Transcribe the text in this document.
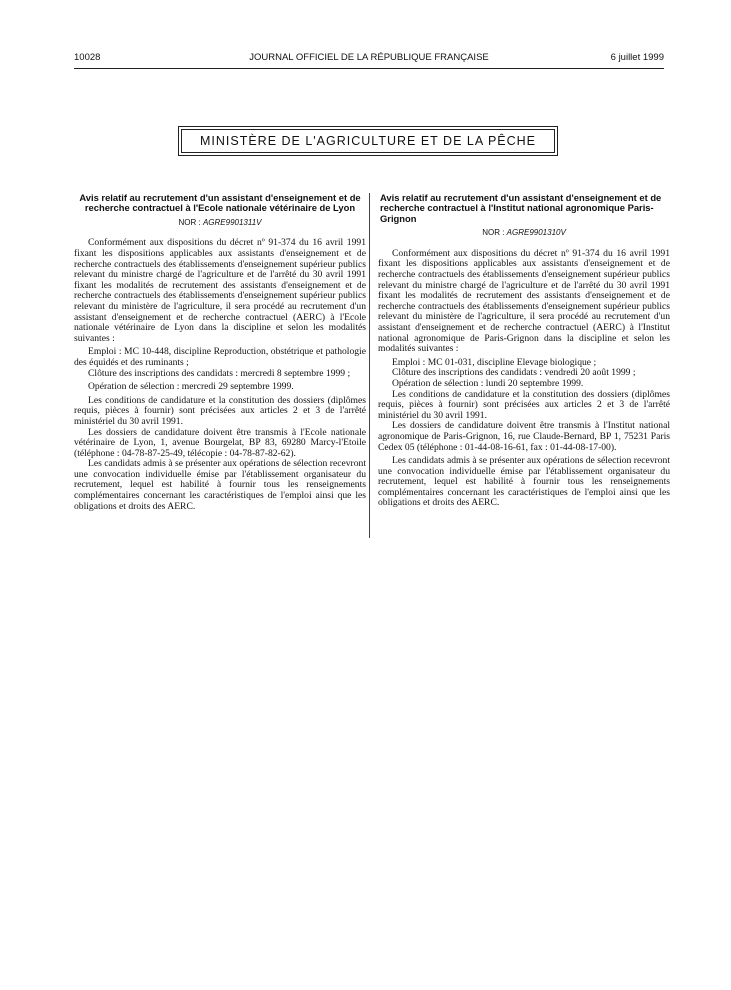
10028	JOURNAL OFFICIEL DE LA RÉPUBLIQUE FRANÇAISE	6 juillet 1999
MINISTÈRE DE L'AGRICULTURE ET DE LA PÊCHE

Avis relatif au recrutement d'un assistant d'enseignement et de recherche contractuel à l'Ecole nationale vétérinaire de Lyon

NOR : AGRE9901311V

Conformément aux dispositions du décret nº 91-374 du 16 avril 1991 fixant les dispositions applicables aux assistants d'enseignement et de recherche contractuels des établissements d'enseignement supérieur publics relevant du ministre chargé de l'agriculture et de l'arrêté du 30 avril 1991 fixant les modalités de recrutement des assistants d'enseignement et de recherche contractuels des établissements d'enseignement supérieur publics relevant du ministère de l'agriculture, il sera procédé au recrutement d'un assistant d'enseignement et de recherche contractuel (AERC) à l'Ecole nationale vétérinaire de Lyon dans la discipline et selon les modalités suivantes :

Emploi : MC 10-448, discipline Reproduction, obstétrique et pathologie des équidés et des ruminants ;

Clôture des inscriptions des candidats : mercredi 8 septembre 1999 ;

Opération de sélection : mercredi 29 septembre 1999.

Les conditions de candidature et la constitution des dossiers (diplômes requis, pièces à fournir) sont précisées aux articles 2 et 3 de l'arrêté ministériel du 30 avril 1991.

Les dossiers de candidature doivent être transmis à l'Ecole nationale vétérinaire de Lyon, 1, avenue Bourgelat, BP 83, 69280 Marcy-l'Etoile (téléphone : 04-78-87-25-49, télécopie : 04-78-87-82-62).

Les candidats admis à se présenter aux opérations de sélection recevront une convocation individuelle émise par l'établissement organisateur du recrutement, lequel est habilité à fournir tous les renseignements complémentaires concernant les caractéristiques de l'emploi ainsi que les obligations et droits des AERC.

Avis relatif au recrutement d'un assistant d'enseignement et de recherche contractuel à l'Institut national agronomique Paris-Grignon

NOR : AGRE9901310V

Conformément aux dispositions du décret nº 91-374 du 16 avril 1991 fixant les dispositions applicables aux assistants d'enseignement et de recherche contractuels des établissements d'enseignement supérieur publics relevant du ministre chargé de l'agriculture et de l'arrêté du 30 avril 1991 fixant les modalités de recrutement des assistants d'enseignement et de recherche contractuels des établissements d'enseignement supérieur publics relevant du ministère de l'agriculture, il sera procédé au recrutement d'un assistant d'enseignement et de recherche contractuel (AERC) à l'Institut national agronomique de Paris-Grignon dans la discipline et selon les modalités suivantes :

Emploi : MC 01-031, discipline Elevage biologique ;

Clôture des inscriptions des candidats : vendredi 20 août 1999 ;

Opération de sélection : lundi 20 septembre 1999.

Les conditions de candidature et la constitution des dossiers (diplômes requis, pièces à fournir) sont précisées aux articles 2 et 3 de l'arrêté ministériel du 30 avril 1991.

Les dossiers de candidature doivent être transmis à l'Institut national agronomique de Paris-Grignon, 16, rue Claude-Bernard, BP 1, 75231 Paris Cedex 05 (téléphone : 01-44-08-16-61, fax : 01-44-08-17-00).

Les candidats admis à se présenter aux opérations de sélection recevront une convocation individuelle émise par l'établissement organisateur du recrutement, lequel est habilité à fournir tous les renseignements complémentaires concernant les caractéristiques de l'emploi ainsi que les obligations et droits des AERC.
